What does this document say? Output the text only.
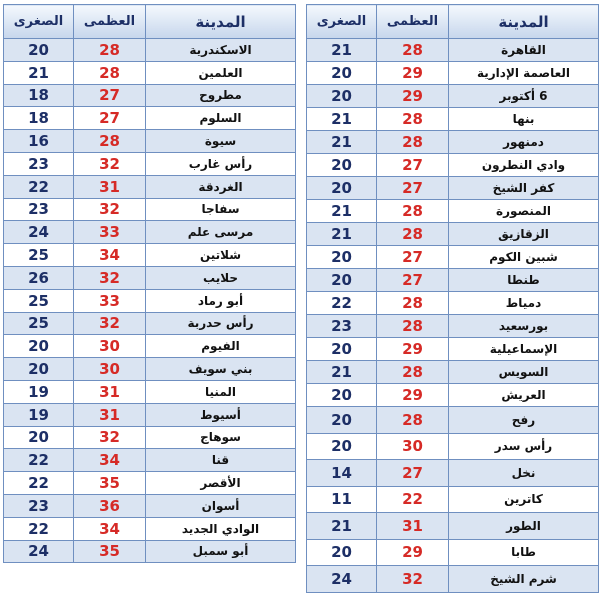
الصغرى	العظمى	المدينة
20	28	الاسكندرية
21	28	العلمين
18	27	مطروح
18	27	السلوم
16	28	سيوة
23	32	رأس غارب
22	31	الغردقة
23	32	سفاجا
24	33	مرسى علم
25	34	شلاتين
26	32	حلايب
25	33	أبو رماد
25	32	رأس حدربة
20	30	الفيوم
20	30	بني سويف
19	31	المنيا
19	31	أسيوط
20	32	سوهاج
22	34	قنا
22	35	الأقصر
23	36	أسوان
22	34	الوادي الجديد
24	35	أبو سمبل
الصغرى	العظمى	المدينة
21	28	القاهرة
20	29	العاصمة الإدارية
20	29	6 أكتوبر
21	28	بنها
21	28	دمنهور
20	27	وادي النطرون
20	27	كفر الشيخ
21	28	المنصورة
21	28	الزقازيق
20	27	شبين الكوم
20	27	طنطا
22	28	دمياط
23	28	بورسعيد
20	29	الإسماعيلية
21	28	السويس
20	29	العريش
20	28	رفح
20	30	رأس سدر
14	27	نخل
11	22	كاترين
21	31	الطور
20	29	طابا
24	32	شرم الشيخ
